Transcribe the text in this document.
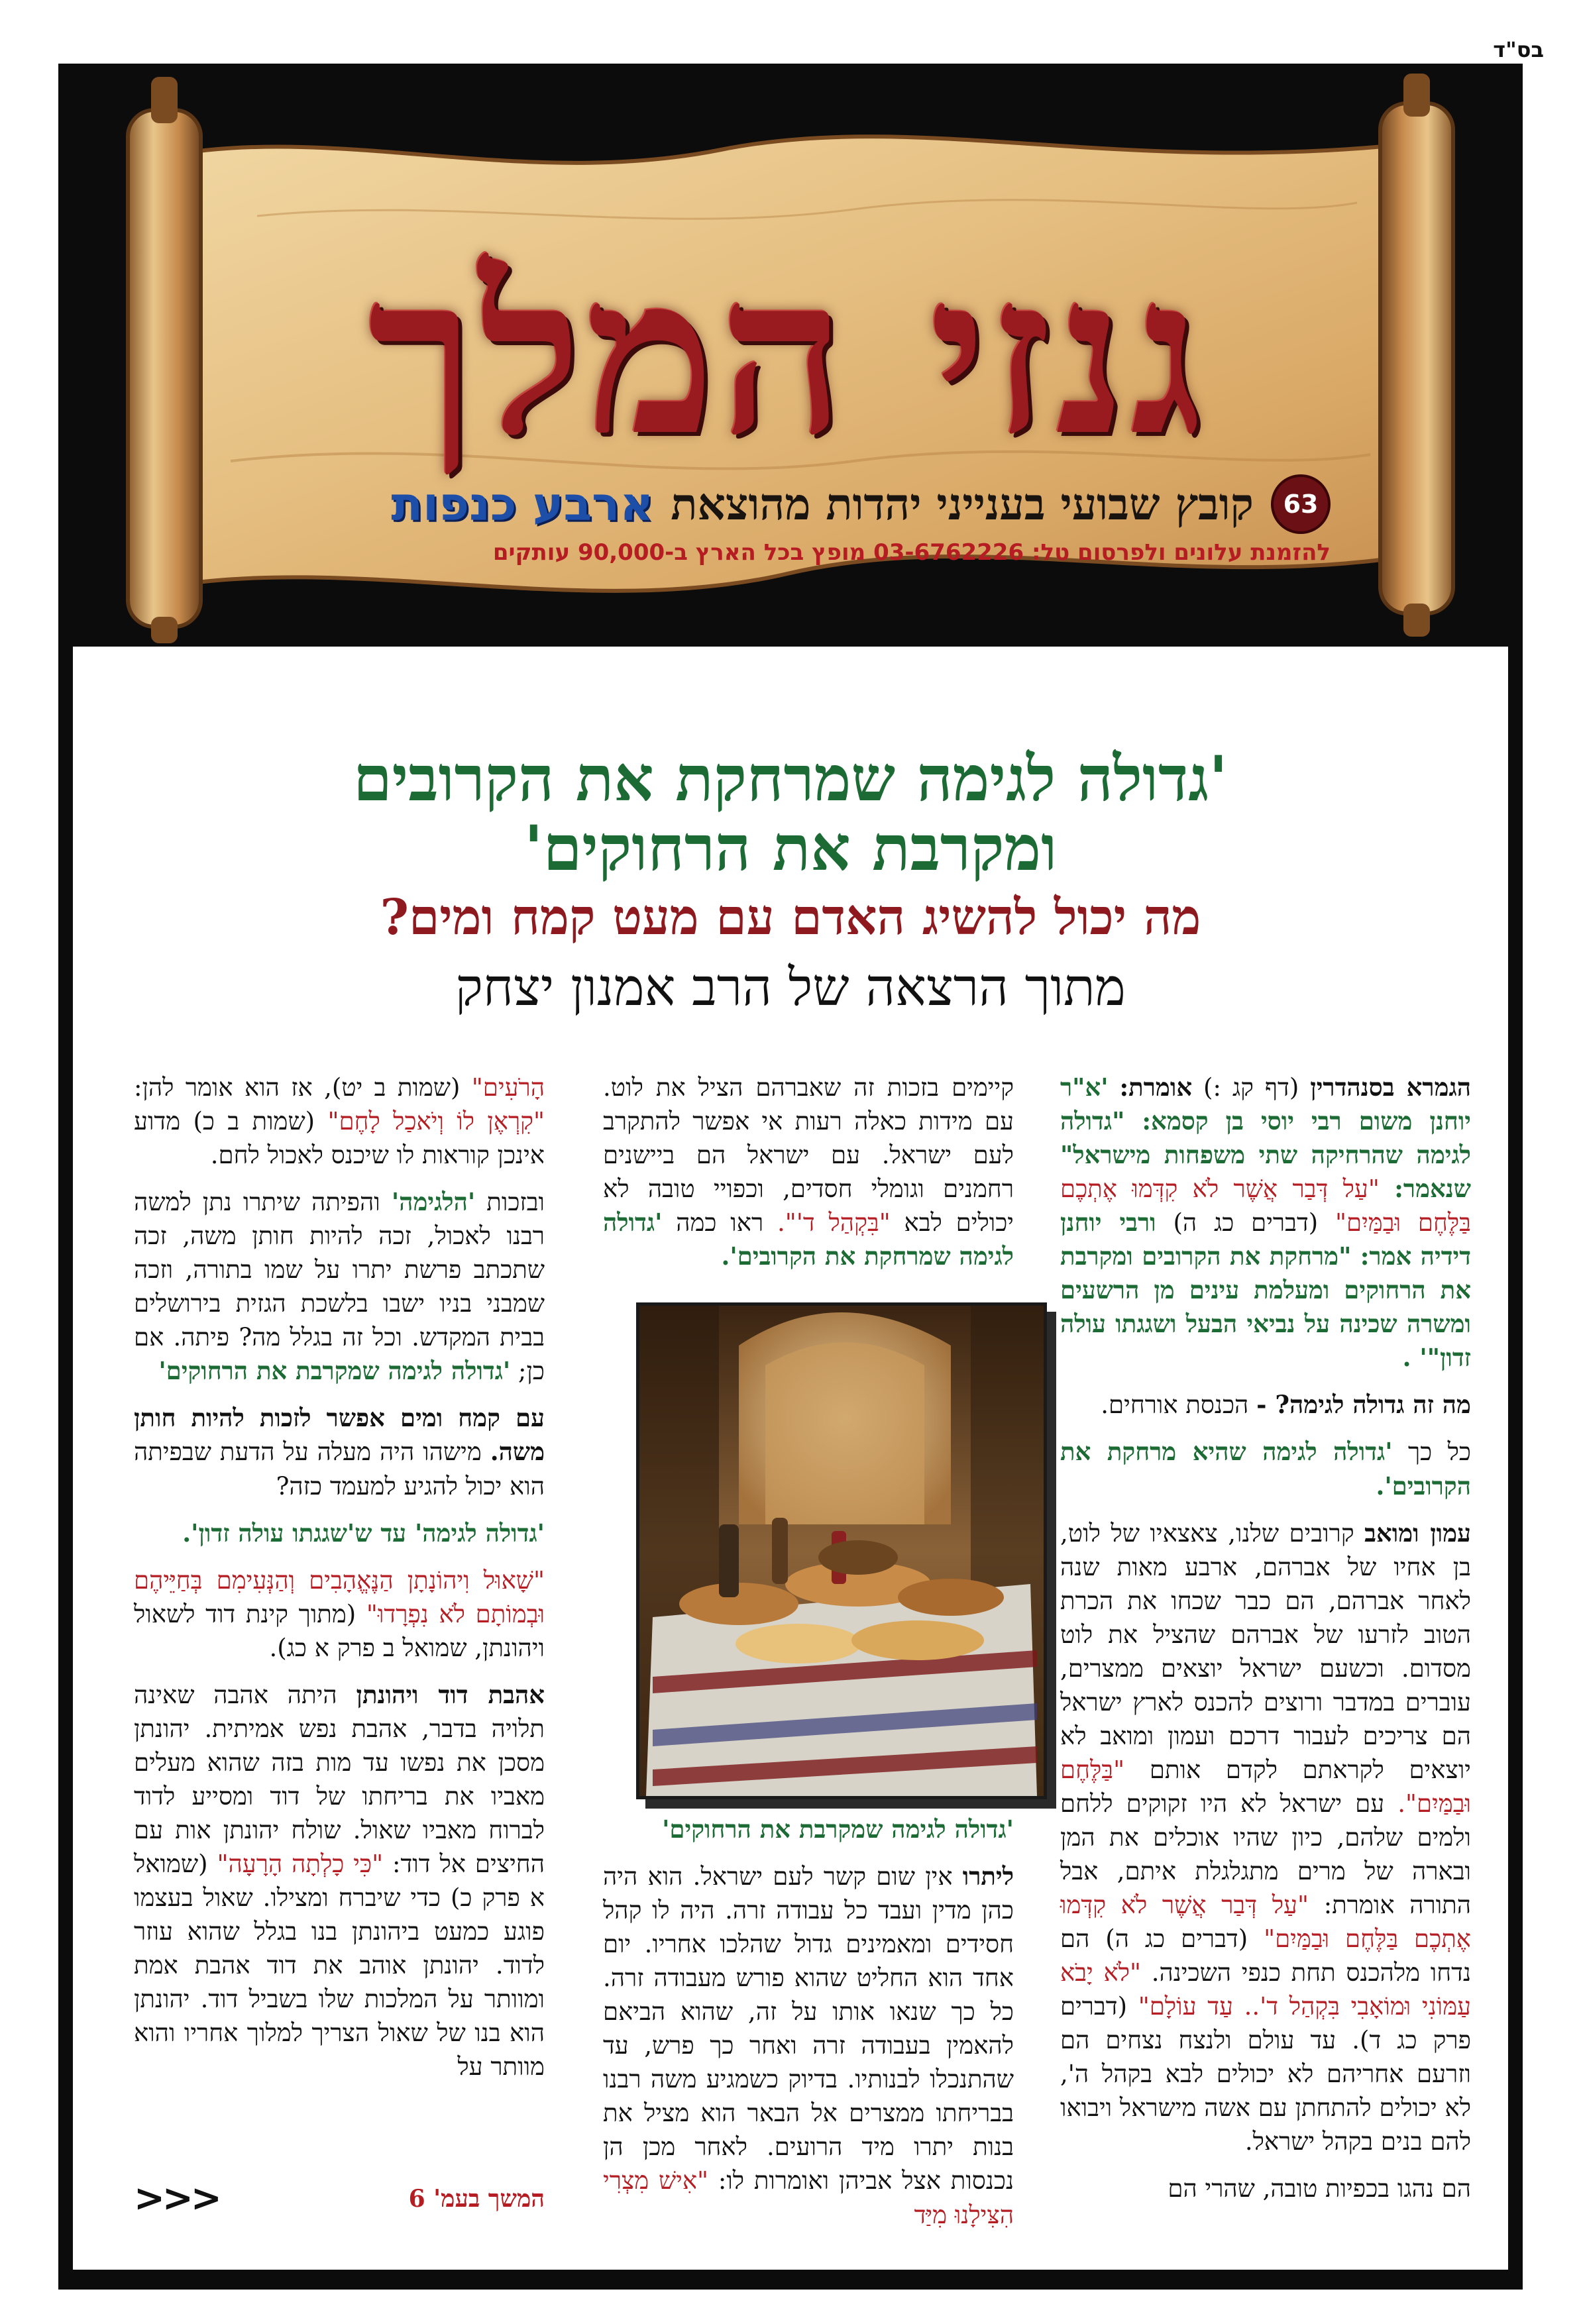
בס"ד
גנזי המלך
63
קובץ שבועי בענייני יהדות מהוצאת
ארבע כנפות
להזמנת עלונים ולפרסום טל: 03-6762226 מופץ בכל הארץ ב-90,000 עותקים
'גדולה לגימה שמרחקת את הקרובים
ומקרבת את הרחוקים'
מה יכול להשיג האדם עם מעט קמח ומים?
מתוך הרצאה של הרב אמנון יצחק

הגמרא בסנהדרין (דף קג :) אומרת: 'א"ר יוחנן משום רבי יוסי בן קסמא: "גדולה לגימה שהרחיקה שתי משפחות מישראל" שנאמר: "עַל דְּבַר אֲשֶׁר לֹא קִדְּמוּ אֶתְכֶם בַּלֶּחֶם וּבַמַּיִם" (דברים כג ה) ורבי יוחנן דידיה אמר: "מרחקת את הקרובים ומקרבת את הרחוקים ומעלמת עינים מן הרשעים ומשרה שכינה על נביאי הבעל ושגגתו עולה זדון"' .

מה זה גדולה לגימה? - הכנסת אורחים.

כל כך 'גדולה לגימה שהיא מרחקת את הקרובים'.

עמון ומואב קרובים שלנו, צאצאיו של לוט, בן אחיו של אברהם, ארבע מאות שנה לאחר אברהם, הם כבר שכחו את הכרת הטוב לזרעו של אברהם שהציל את לוט מסדום. וכשעם ישראל יוצאים ממצרים, עוברים במדבר ורוצים להכנס לארץ ישראל הם צריכים לעבור דרכם ועמון ומואב לא יוצאים לקראתם לקדם אותם "בַּלֶּחֶם וּבַמַּיִם". עם ישראל לא היו זקוקים ללחם ולמים שלהם, כיון שהיו אוכלים את המן ובארה של מרים מתגלגלת איתם, אבל התורה אומרת: "עַל דְּבַר אֲשֶׁר לֹא קִדְּמוּ אֶתְכֶם בַּלֶּחֶם וּבַמַּיִם" (דברים כג ה) הם נדחו מלהכנס תחת כנפי השכינה. "לֹא יָבֹא עַמּוֹנִי וּמוֹאָבִי בִּקְהַל ד'.. עַד עוֹלָם" (דברים פרק כג ד). עד עולם ולנצח נצחים הם וזרעם אחריהם לא יכולים לבא בקהל ה', לא יכולים להתחתן עם אשה מישראל ויבואו להם בנים בקהל ישראל.

הם נהגו בכפיות טובה, שהרי הם

קיימים בזכות זה שאברהם הציל את לוט. עם מידות כאלה רעות אי אפשר להתקרב לעם ישראל. עם ישראל הם ביישנים רחמנים וגומלי חסדים, וכפויי טובה לא יכולים לבא "בִּקְהַל ד'". ראו כמה 'גדולה לגימה שמרחקת את הקרובים'.

'גדולה לגימה שמקרבת את הרחוקים'

ליתרו אין שום קשר לעם ישראל. הוא היה כהן מדין ועבד כל עבודה זרה. היה לו קהל חסידים ומאמינים גדול שהלכו אחריו. יום אחד הוא החליט שהוא פורש מעבודה זרה. כל כך שנאו אותו על זה, שהוא הביאם להאמין בעבודה זרה ואחר כך פרש, עד שהתנכלו לבנותיו. בדיוק כשמגיע משה רבנו בבריחתו ממצרים אל הבאר הוא מציל את בנות יתרו מיד הרועים. לאחר מכן הן נכנסות אצל אביהן ואומרות לו: "אִישׁ מִצְרִי הִצִּילָנוּ מִיַּד

הָרֹעִים" (שמות ב יט), אז הוא אומר להן: "קִרְאֶן לוֹ וְיֹאכַל לָחֶם" (שמות ב כ) מדוע אינכן קוראות לו שיכנס לאכול לחם.

ובזכות 'הלגימה' והפיתה שיתרו נתן למשה רבנו לאכול, זכה להיות חותן משה, זכה שתכתב פרשת יתרו על שמו בתורה, וזכה שמבני בניו ישבו בלשכת הגזית בירושלים בבית המקדש. וכל זה בגלל מה? פיתה. אם כן; 'גדולה לגימה שמקרבת את הרחוקים'

עם קמח ומים אפשר לזכות להיות חותן משה. מישהו היה מעלה על הדעת שבפיתה הוא יכול להגיע למעמד כזה?

'גדולה לגימה' עד ש'שגגתו עולה זדון'.

"שָׁאוּל וִיהוֹנָתָן הַנֶּאֱהָבִים וְהַנְּעִימִם בְּחַיֵּיהֶם וּבְמוֹתָם לֹא נִפְרָדוּ" (מתוך קינת דוד לשאול ויהונתן, שמואל ב פרק א כג).

אהבת דוד ויהונתן היתה אהבה שאינה תלויה בדבר, אהבת נפש אמיתית. יהונתן מסכן את נפשו עד מות בזה שהוא מעלים מאביו את בריחתו של דוד ומסייע לדוד לברוח מאביו שאול. שולח יהונתן אות עם החיצים אל דוד: "כִּי כָלְתָה הָרָעָה" (שמואל א פרק כ) כדי שיברח ומצילו. שאול בעצמו פוגע כמעט ביהונתן בנו בגלל שהוא עוזר לדוד. יהונתן אוהב את דוד אהבת אמת ומוותר על המלכות שלו בשביל דוד. יהונתן הוא בנו של שאול הצריך למלוך אחריו והוא מוותר על

המשך בעמ' 6
<<<
